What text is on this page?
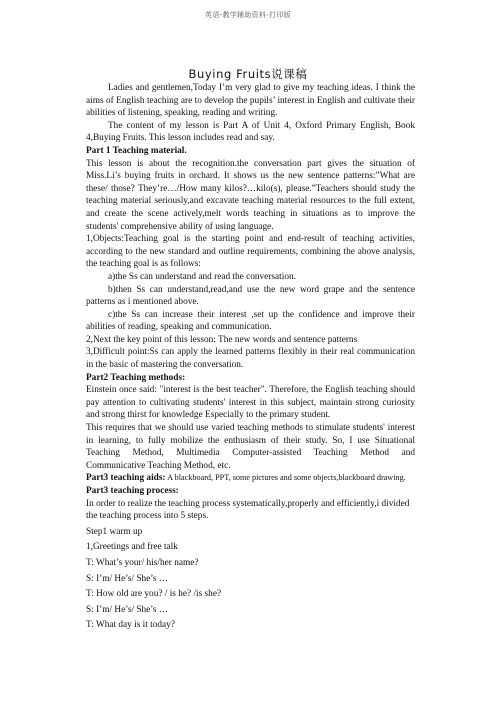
英语-教学辅助资料-打印版
Buying Fruits说课稿

Ladies and gentlemen,Today I’m very glad to give my teaching ideas. I think the aims of English teaching are to develop the pupils’ interest in English and cultivate their abilities of listening, speaking, reading and writing.

The content of my lesson is Part A of Unit 4, Oxford Primary English, Book 4,Buying Fruits. This lesson includes read and say.

Part 1 Teaching material.

This lesson is about the recognition.the conversation part gives the situation of Miss.Li’s buying fruits in orchard. It shows us the new sentence patterns:”What are these/ those? They’re…/How many kilos?…kilo(s), please.”Teachers should study the teaching material seriously,and excavate teaching material resources to the full extent, and create the scene actively,melt words teaching in situations as to improve the students' comprehensive ability of using language.

1,Objects:Teaching goal is the starting point and end-result of teaching activities, according to the new standard and outline requirements, combining the above analysis, the teaching goal is as follows:

a)the Ss can understand and read the conversation.

b)then Ss can understand,read,and use the new word grape and the sentence patterns as i mentioned above.

c)the Ss can increase their interest ,set up the confidence and improve their abilities of reading, speaking and communication.

2,Next the key point of this lesson: The new words and sentence patterns

3,Difficult point:Ss can apply the learned patterns flexibly in their real communication in the basic of mastering the conversation.

Part2 Teaching methods:

Einstein once said: "interest is the best teacher". Therefore, the English teaching should pay attention to cultivating students' interest in this subject, maintain strong curiosity and strong thirst for knowledge Especially to the primary student.

This requires that we should use varied teaching methods to stimulate students' interest in learning, to fully mobilize the enthusiasm of their study. So, I use Situational Teaching Method, Multimedia Computer-assisted Teaching Method and Communicative Teaching Method, etc.

Part3 teaching aids: A blackboard, PPT, some pictures and some objects,blackboard drawing.

Part3 teaching process:

In order to realize the teaching process systematically,properly and efficiently,i divided the teaching process into 5 steps.

Step1 warm up

1,Greetings and free talk

T: What’s your/ his/her name?

S: I’m/ He’s/ She’s …

T: How old are you? / is he? /is she?

S: I’m/ He’s/ She’s …

T: What day is it today?
